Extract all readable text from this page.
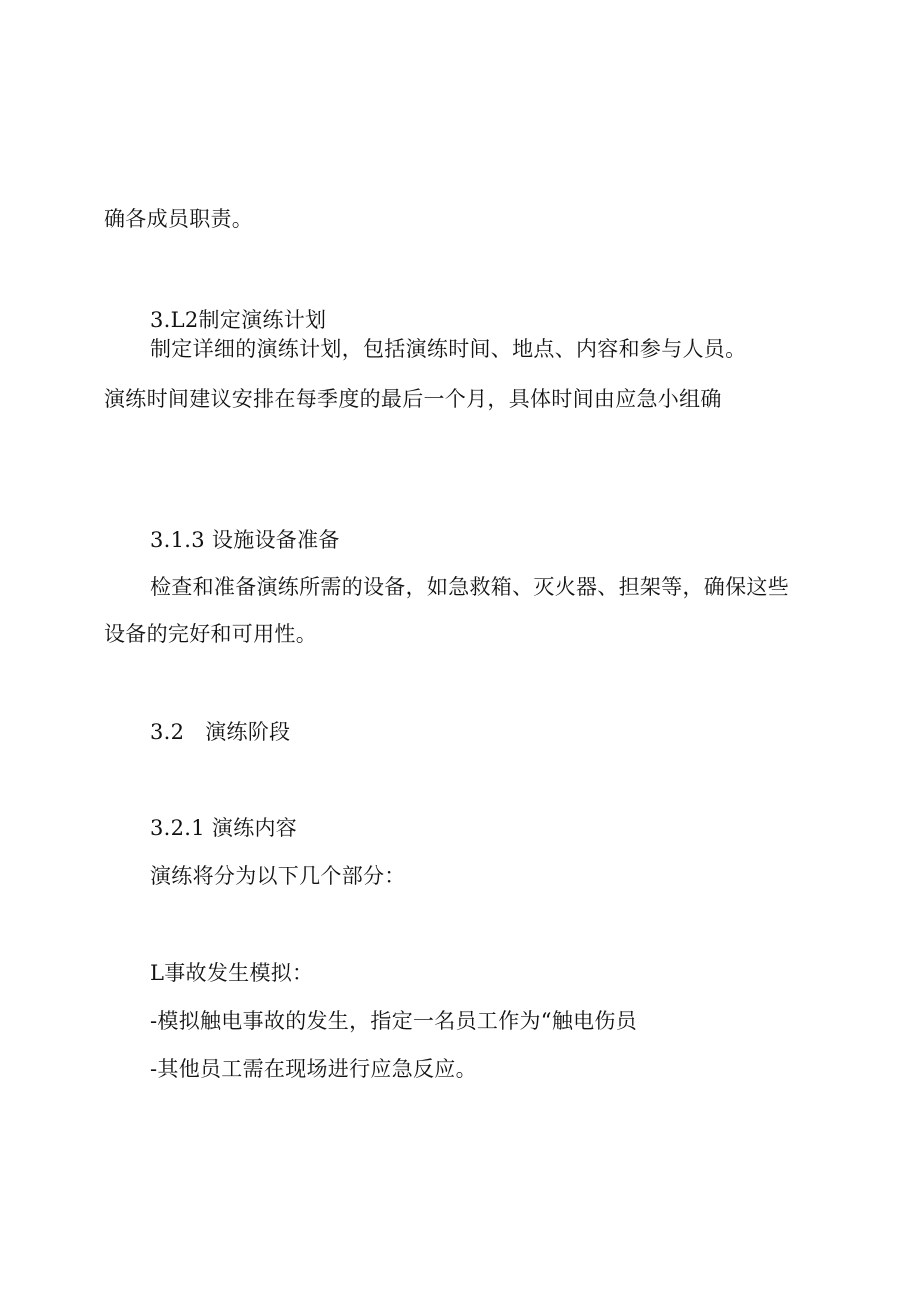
确各成员职责。

3.L2制定演练计划

制定详细的演练计划，包括演练时间、地点、内容和参与人员。

演练时间建议安排在每季度的最后一个月，具体时间由应急小组确

3.1.3 设施设备准备

检查和准备演练所需的设备，如急救箱、灭火器、担架等，确保这些

设备的完好和可用性。

3.2   演练阶段

3.2.1 演练内容

演练将分为以下几个部分：

L事故发生模拟：

-模拟触电事故的发生，指定一名员工作为“触电伤员

-其他员工需在现场进行应急反应。
